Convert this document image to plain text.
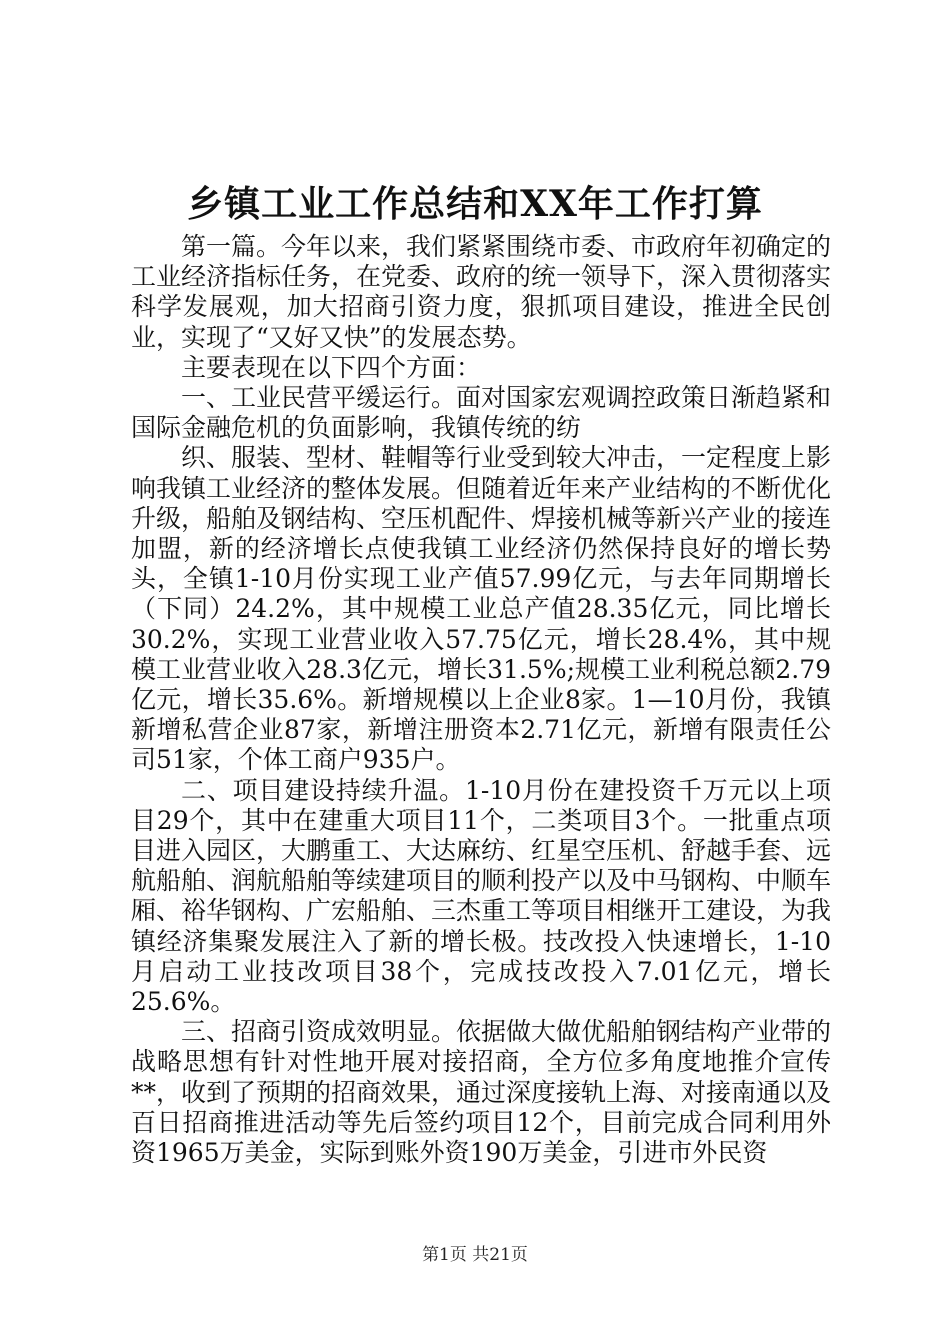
乡镇工业工作总结和XX年工作打算

第一篇。今年以来，我们紧紧围绕市委、市政府年初确定的工业经济指标任务，在党委、政府的统一领导下，深入贯彻落实科学发展观，加大招商引资力度，狠抓项目建设，推进全民创业，实现了“又好又快”的发展态势。

主要表现在以下四个方面：

一、工业民营平缓运行。面对国家宏观调控政策日渐趋紧和国际金融危机的负面影响，我镇传统的纺

织、服装、型材、鞋帽等行业受到较大冲击，一定程度上影响我镇工业经济的整体发展。但随着近年来产业结构的不断优化升级，船舶及钢结构、空压机配件、焊接机械等新兴产业的接连加盟，新的经济增长点使我镇工业经济仍然保持良好的增长势头，全镇1-10月份实现工业产值57.99亿元，与去年同期增长（下同）24.2%，其中规模工业总产值28.35亿元，同比增长30.2%，实现工业营业收入57.75亿元，增长28.4%，其中规模工业营业收入28.3亿元，增长31.5%;规模工业利税总额2.79亿元，增长35.6%。新增规模以上企业8家。1—10月份，我镇新增私营企业87家，新增注册资本2.71亿元，新增有限责任公司51家，个体工商户935户。

二、项目建设持续升温。1-10月份在建投资千万元以上项目29个，其中在建重大项目11个，二类项目3个。一批重点项目进入园区，大鹏重工、大达麻纺、红星空压机、舒越手套、远航船舶、润航船舶等续建项目的顺利投产以及中马钢构、中顺车厢、裕华钢构、广宏船舶、三杰重工等项目相继开工建设，为我镇经济集聚发展注入了新的增长极。技改投入快速增长，1-10月启动工业技改项目38个，完成技改投入7.01亿元，增长25.6%。

三、招商引资成效明显。依据做大做优船舶钢结构产业带的战略思想有针对性地开展对接招商，全方位多角度地推介宣传**，收到了预期的招商效果，通过深度接轨上海、对接南通以及百日招商推进活动等先后签约项目12个，目前完成合同利用外资1965万美金，实际到账外资190万美金，引进市外民资

第1页 共21页
